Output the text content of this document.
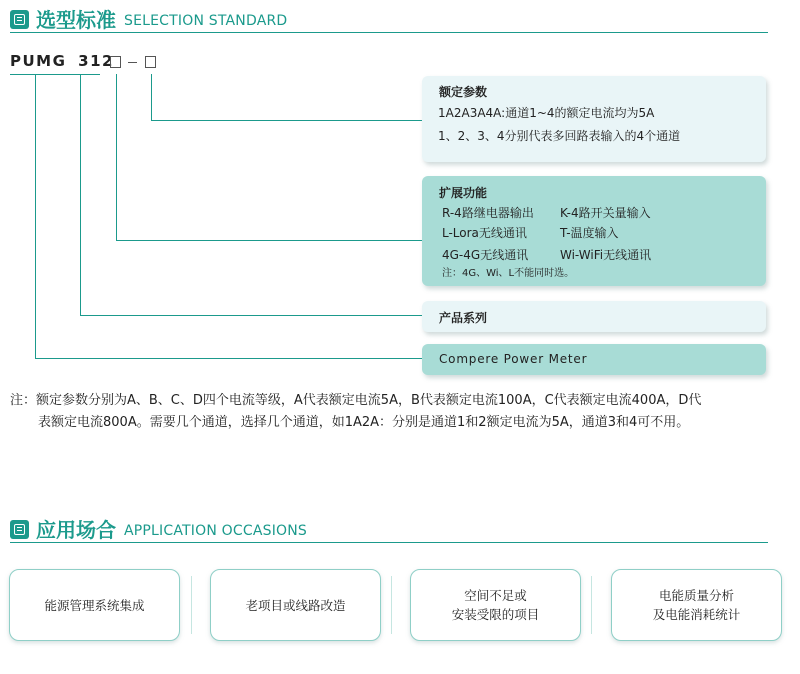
选型标准 SELECTION STANDARD
PUMG 312
额定参数
1A2A3A4A:通道1~4的额定电流均为5A
1、2、3、4分别代表多回路表输入的4个通道
扩展功能
R-4路继电器输出 K-4路开关量输入
L-Lora无线通讯	T-温度输入
4G-4G无线通讯	Wi-WiFi无线通讯
注：4G、Wi、L不能同时选。
产品系列
Compere Power Meter
注：额定参数分别为A、B、C、D四个电流等级，A代表额定电流5A，B代表额定电流100A，C代表额定电流400A，D代
表额定电流800A。需要几个通道，选择几个通道，如1A2A：分别是通道1和2额定电流为5A，通道3和4可不用。
应用场合 APPLICATION OCCASIONS
能源管理系统集成	老项目或线路改造
空间不足或
安装受限的项目
电能质量分析
及电能消耗统计
